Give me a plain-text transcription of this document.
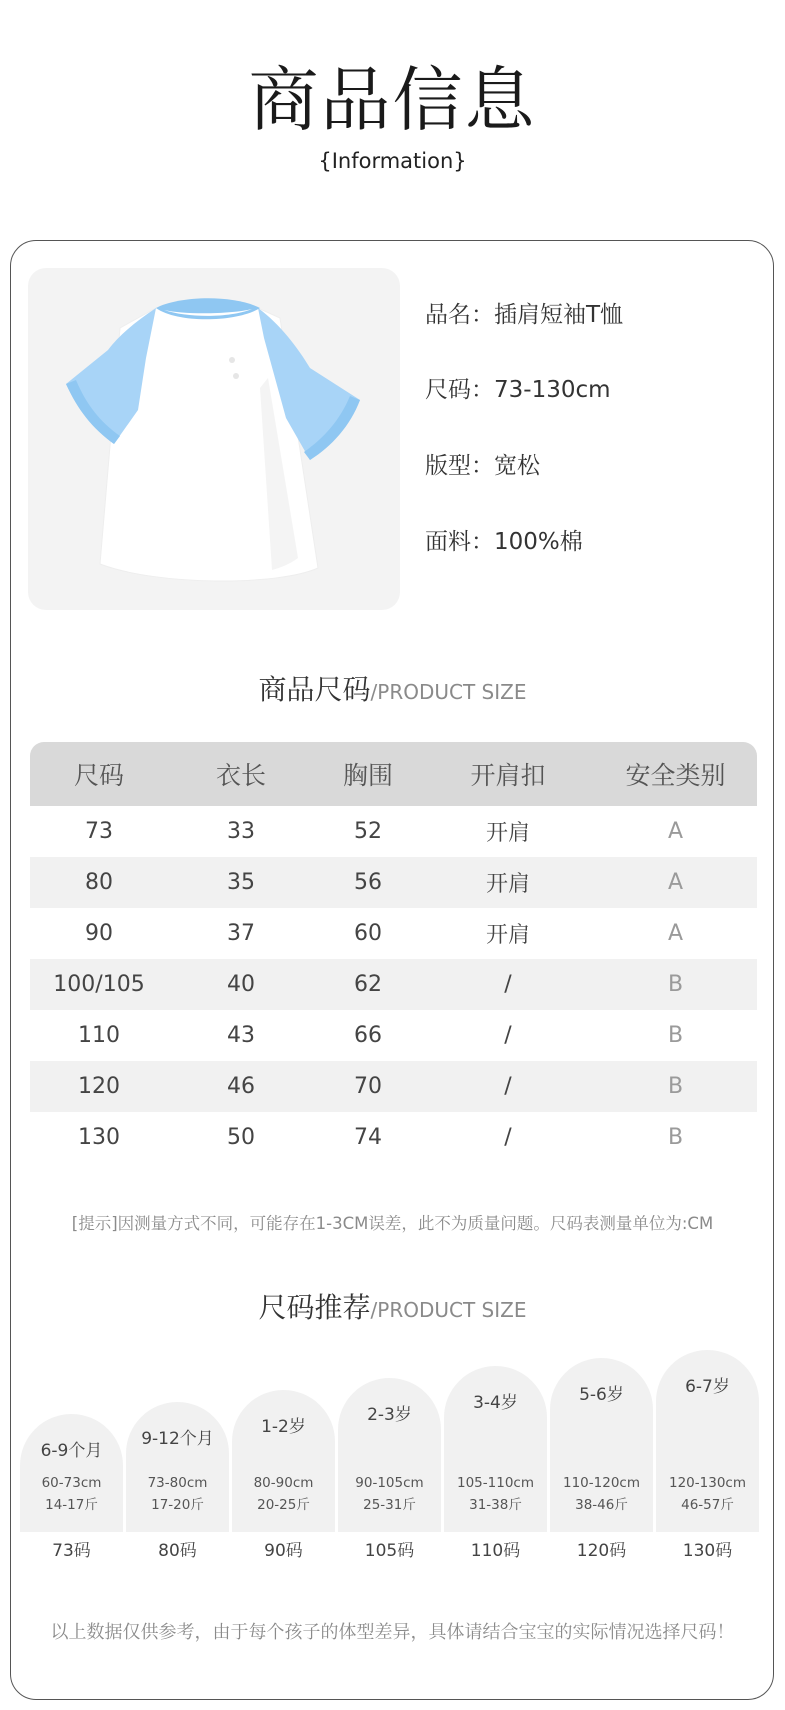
商品信息
{Information}
品名：插肩短袖T恤
尺码：73-130cm
版型：宽松
面料：100%棉
商品尺码/PRODUCT SIZE
尺码	衣长	胸围	开肩扣	安全类别
73	33	52	开肩	A
80	35	56	开肩	A
90	37	60	开肩	A
100/105	40	62	/	B
110	43	66	/	B
120	46	70	/	B
130	50	74	/	B
[提示]因测量方式不同，可能存在1-3CM误差，此不为质量问题。尺码表测量单位为:CM
尺码推荐/PRODUCT SIZE
6-9个月
60-73cm
14-17斤
9-12个月
73-80cm
17-20斤
1-2岁
80-90cm
20-25斤
2-3岁
90-105cm
25-31斤
3-4岁
105-110cm
31-38斤
5-6岁
110-120cm
38-46斤
6-7岁
120-130cm
46-57斤
73码	80码	90码	105码	110码	120码	130码
以上数据仅供参考，由于每个孩子的体型差异，具体请结合宝宝的实际情况选择尺码！
